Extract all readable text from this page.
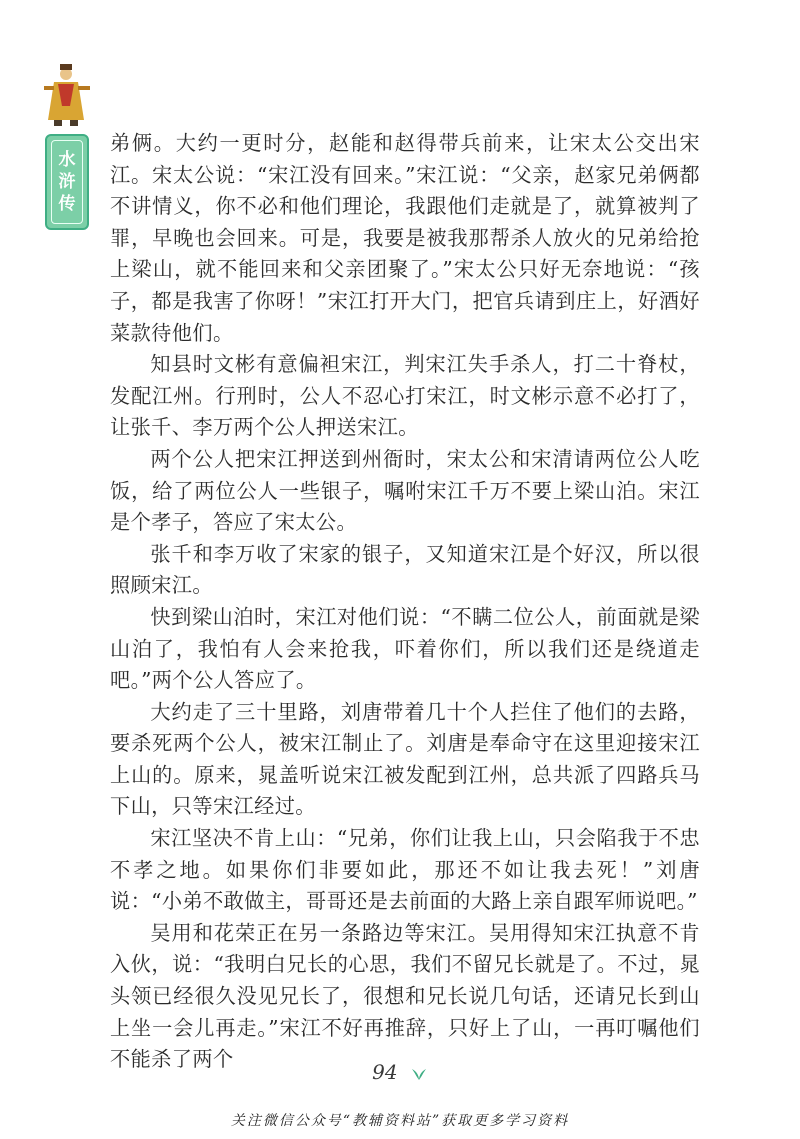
水
浒
传

弟俩。大约一更时分，赵能和赵得带兵前来，让宋太公交出宋江。宋太公说：“宋江没有回来。”宋江说：“父亲，赵家兄弟俩都不讲情义，你不必和他们理论，我跟他们走就是了，就算被判了罪，早晚也会回来。可是，我要是被我那帮杀人放火的兄弟给抢上梁山，就不能回来和父亲团聚了。”宋太公只好无奈地说：“孩子，都是我害了你呀！”宋江打开大门，把官兵请到庄上，好酒好菜款待他们。

知县时文彬有意偏袒宋江，判宋江失手杀人，打二十脊杖，发配江州。行刑时，公人不忍心打宋江，时文彬示意不必打了，让张千、李万两个公人押送宋江。

两个公人把宋江押送到州衙时，宋太公和宋清请两位公人吃饭，给了两位公人一些银子，嘱咐宋江千万不要上梁山泊。宋江是个孝子，答应了宋太公。

张千和李万收了宋家的银子，又知道宋江是个好汉，所以很照顾宋江。

快到梁山泊时，宋江对他们说：“不瞒二位公人，前面就是梁山泊了，我怕有人会来抢我，吓着你们，所以我们还是绕道走吧。”两个公人答应了。

大约走了三十里路，刘唐带着几十个人拦住了他们的去路，要杀死两个公人，被宋江制止了。刘唐是奉命守在这里迎接宋江上山的。原来，晁盖听说宋江被发配到江州，总共派了四路兵马下山，只等宋江经过。

宋江坚决不肯上山：“兄弟，你们让我上山，只会陷我于不忠不孝之地。如果你们非要如此，那还不如让我去死！”刘唐说：“小弟不敢做主，哥哥还是去前面的大路上亲自跟军师说吧。”

吴用和花荣正在另一条路边等宋江。吴用得知宋江执意不肯入伙，说：“我明白兄长的心思，我们不留兄长就是了。不过，晁头领已经很久没见兄长了，很想和兄长说几句话，还请兄长到山上坐一会儿再走。”宋江不好再推辞，只好上了山，一再叮嘱他们不能杀了两个

94
关注微信公众号“教辅资料站”获取更多学习资料
